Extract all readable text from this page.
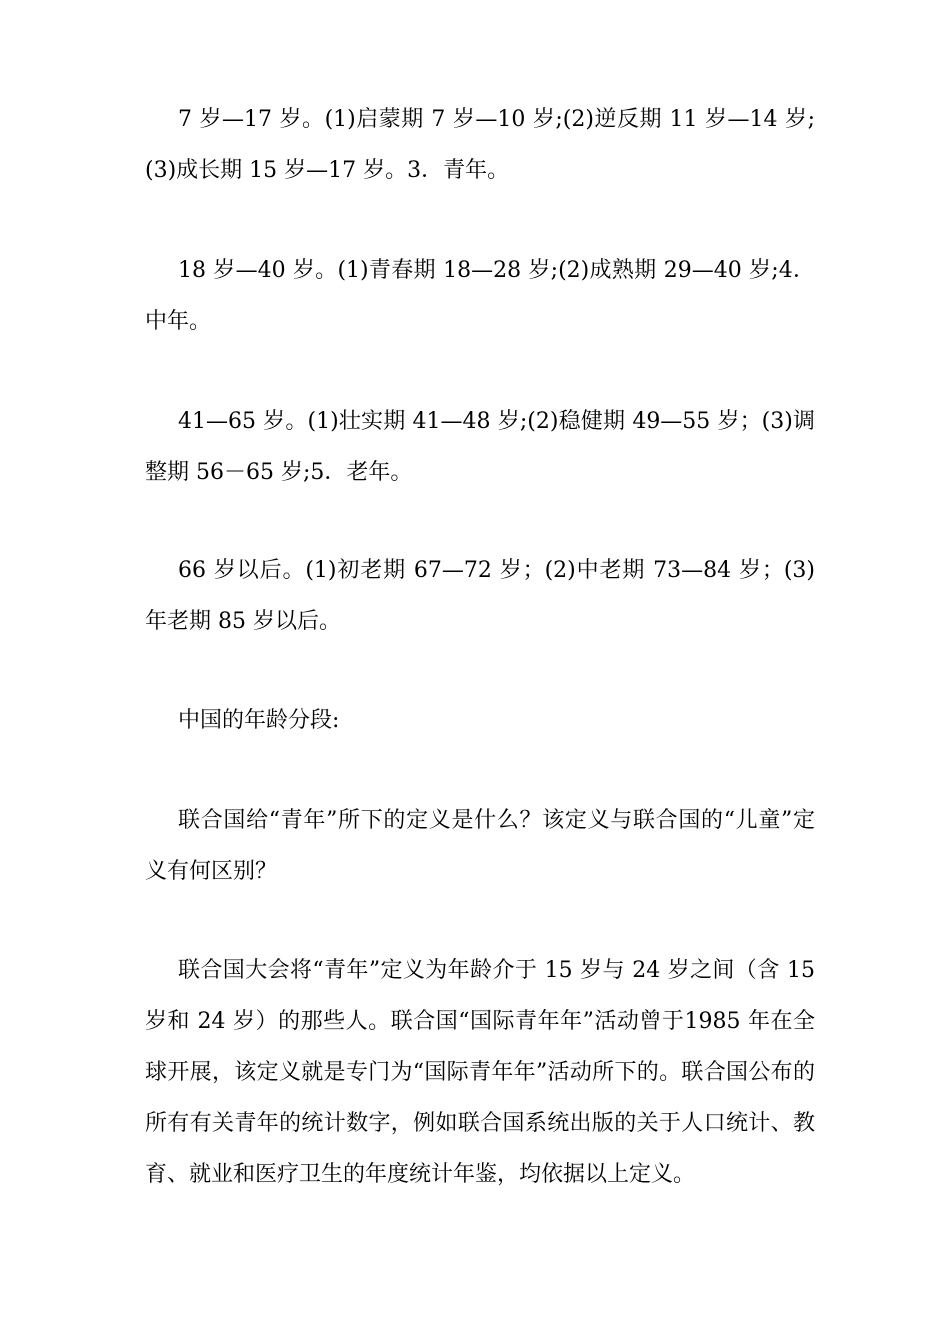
7 岁—17 岁。(1)启蒙期 7 岁—10 岁;(2)逆反期 11 岁—14 岁;(3)成长期 15 岁—17 岁。3．青年。

18 岁—40 岁。(1)青春期 18—28 岁;(2)成熟期 29—40 岁;4．中年。

41—65 岁。(1)壮实期 41—48 岁;(2)稳健期 49—55 岁；(3)调整期 56－65 岁;5．老年。

66 岁以后。(1)初老期 67—72 岁；(2)中老期 73—84 岁；(3)年老期 85 岁以后。

中国的年龄分段:

联合国给“青年”所下的定义是什么？该定义与联合国的“儿童”定义有何区别？

联合国大会将“青年”定义为年龄介于 15 岁与 24 岁之间（含 15 岁和 24 岁）的那些人。联合国“国际青年年”活动曾于1985 年在全球开展，该定义就是专门为“国际青年年”活动所下的。联合国公布的所有有关青年的统计数字，例如联合国系统出版的关于人口统计、教育、就业和医疗卫生的年度统计年鉴，均依据以上定义。
